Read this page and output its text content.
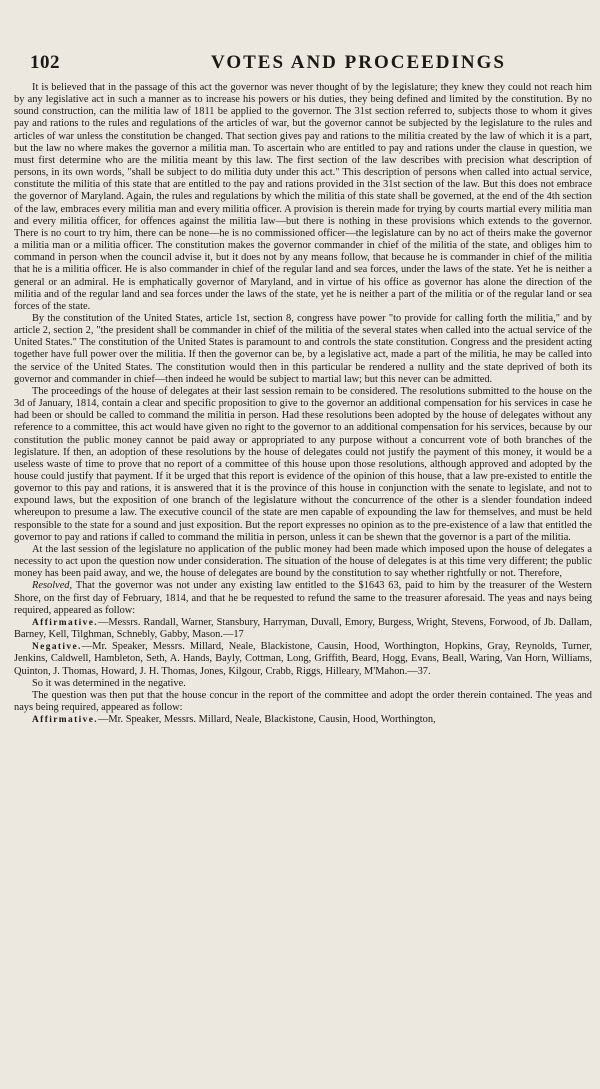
102	VOTES AND PROCEEDINGS

It is believed that in the passage of this act the governor was never thought of by the legislature; they knew they could not reach him by any legislative act in such a manner as to increase his powers or his duties, they being defined and limited by the constitution. By no sound construction, can the militia law of 1811 be applied to the governor. The 31st section referred to, subjects those to whom it gives pay and rations to the rules and regulations of the articles of war, but the governor cannot be subjected by the legislature to the rules and articles of war unless the constitution be changed. That section gives pay and rations to the militia created by the law of which it is a part, but the law no where makes the governor a militia man. To ascertain who are entitled to pay and rations under the clause in question, we must first determine who are the militia meant by this law. The first section of the law describes with precision what description of persons, in its own words, "shall be subject to do militia duty under this act." This description of persons when called into actual service, constitute the militia of this state that are entitled to the pay and rations provided in the 31st section of the law. But this does not embrace the governor of Maryland. Again, the rules and regulations by which the militia of this state shall be governed, at the end of the 4th section of the law, embraces every militia man and every militia officer. A provision is therein made for trying by courts martial every militia man and every militia officer, for offences against the militia law—but there is nothing in these provisions which extends to the governor. There is no court to try him, there can be none—he is no commissioned officer—the legislature can by no act of theirs make the governor a militia man or a militia officer. The constitution makes the governor commander in chief of the militia of the state, and obliges him to command in person when the council advise it, but it does not by any means follow, that because he is commander in chief of the militia that he is a militia officer. He is also commander in chief of the regular land and sea forces, under the laws of the state. Yet he is neither a general or an admiral. He is emphatically governor of Maryland, and in virtue of his office as governor has alone the direction of the militia and of the regular land and sea forces under the laws of the state, yet he is neither a part of the militia or of the regular land or sea forces of the state.

By the constitution of the United States, article 1st, section 8, congress have power "to provide for calling forth the militia," and by article 2, section 2, "the president shall be commander in chief of the militia of the several states when called into the actual service of the United States." The constitution of the United States is paramount to and controls the state constitution. Congress and the president acting together have full power over the militia. If then the governor can be, by a legislative act, made a part of the militia, he may be called into the service of the United States. The constitution would then in this particular be rendered a nullity and the state deprived of both its governor and commander in chief—then indeed he would be subject to martial law; but this never can be admitted.

The proceedings of the house of delegates at their last session remain to be considered. The resolutions submitted to the house on the 3d of January, 1814, contain a clear and specific proposition to give to the governor an additional compensation for his services in case he had been or should be called to command the militia in person. Had these resolutions been adopted by the house of delegates without any reference to a committee, this act would have given no right to the governor to an additional compensation for his services, because by our constitution the public money cannot be paid away or appropriated to any purpose without a concurrent vote of both branches of the legislature. If then, an adoption of these resolutions by the house of delegates could not justify the payment of this money, it would be a useless waste of time to prove that no report of a committee of this house upon those resolutions, although approved and adopted by the house could justify that payment. If it be urged that this report is evidence of the opinion of this house, that a law pre-existed to entitle the governor to this pay and rations, it is answered that it is the province of this house in conjunction with the senate to legislate, and not to expound laws, but the exposition of one branch of the legislature without the concurrence of the other is a slender foundation indeed whereupon to presume a law. The executive council of the state are men capable of expounding the law for themselves, and must be held responsible to the state for a sound and just exposition. But the report expresses no opinion as to the pre-existence of a law that entitled the governor to pay and rations if called to command the militia in person, unless it can be shewn that the governor is a part of the militia.

At the last session of the legislature no application of the public money had been made which imposed upon the house of delegates a necessity to act upon the question now under consideration. The situation of the house of delegates is at this time very different; the public money has been paid away, and we, the house of delegates are bound by the constitution to say whether rightfully or not. Therefore,

Resolved, That the governor was not under any existing law entitled to the $1643 63, paid to him by the treasurer of the Western Shore, on the first day of February, 1814, and that he be requested to refund the same to the treasurer aforesaid. The yeas and nays being required, appeared as follow:

Affirmative.—Messrs. Randall, Warner, Stansbury, Harryman, Duvall, Emory, Burgess, Wright, Stevens, Forwood, of Jb. Dallam, Barney, Kell, Tilghman, Schnebly, Gabby, Mason.—17

Negative.—Mr. Speaker, Messrs. Millard, Neale, Blackistone, Causin, Hood, Worthington, Hopkins, Gray, Reynolds, Turner, Jenkins, Caldwell, Hambleton, Seth, A. Hands, Bayly, Cottman, Long, Griffith, Beard, Hogg, Evans, Beall, Waring, Van Horn, Williams, Quinton, J. Thomas, Howard, J. H. Thomas, Jones, Kilgour, Crabb, Riggs, Hilleary, M'Mahon.—37.

So it was determined in the negative.

The question was then put that the house concur in the report of the committee and adopt the order therein contained. The yeas and nays being required, appeared as follow:

Affirmative.—Mr. Speaker, Messrs. Millard, Neale, Blackistone, Causin, Hood, Worthington,
